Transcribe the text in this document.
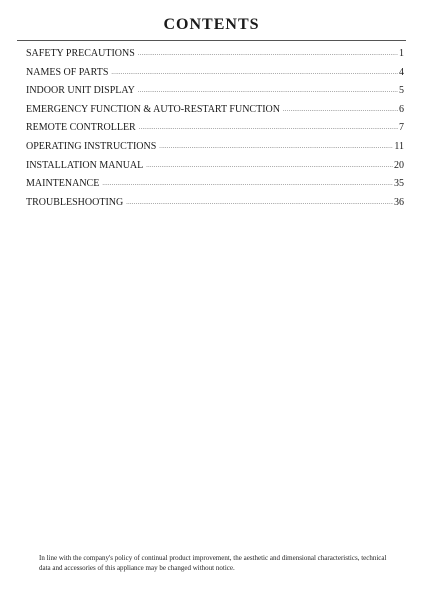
CONTENTS
SAFETY PRECAUTIONS .....	1
NAMES OF PARTS .....	4
INDOOR UNIT DISPLAY .....	5
EMERGENCY FUNCTION & AUTO-RESTART FUNCTION .....	6
REMOTE CONTROLLER .....	7
OPERATING INSTRUCTIONS .....	11
INSTALLATION MANUAL .....	20
MAINTENANCE .....	35
TROUBLESHOOTING .....	36

In line with the company's policy of continual product improvement, the aesthetic and dimensional characteristics, technical data and accessories of this appliance may be changed without notice.
